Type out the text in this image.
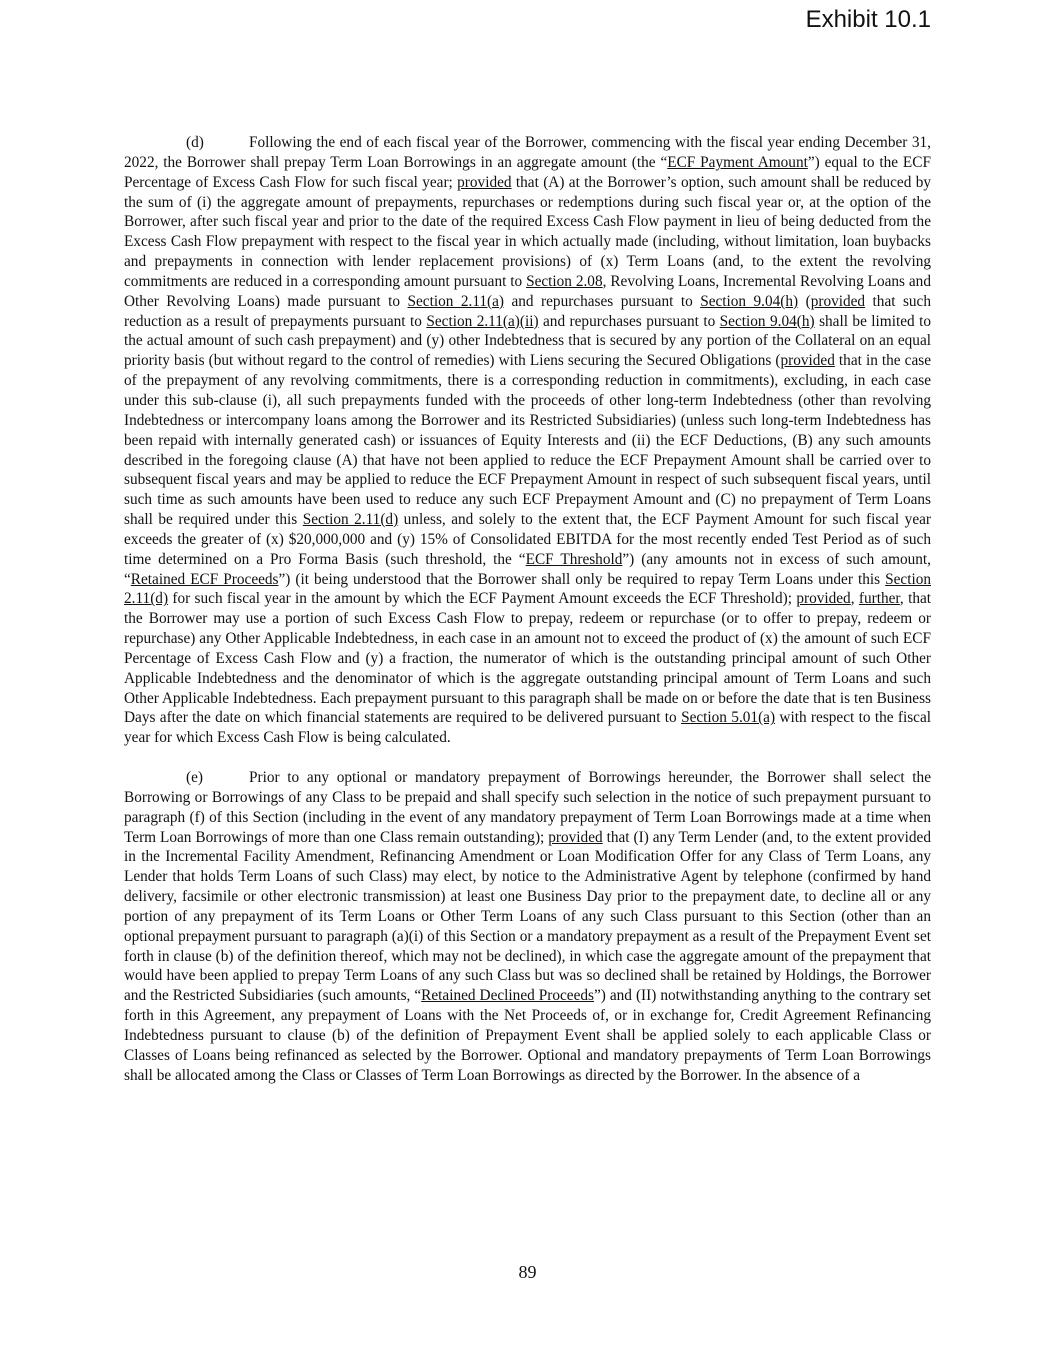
Exhibit 10.1

(d)	Following the end of each fiscal year of the Borrower, commencing with the fiscal year ending December 31, 2022, the Borrower shall prepay Term Loan Borrowings in an aggregate amount (the “ECF Payment Amount”) equal to the ECF Percentage of Excess Cash Flow for such fiscal year; provided that (A) at the Borrower’s option, such amount shall be reduced by the sum of (i) the aggregate amount of prepayments, repurchases or redemptions during such fiscal year or, at the option of the Borrower, after such fiscal year and prior to the date of the required Excess Cash Flow payment in lieu of being deducted from the Excess Cash Flow prepayment with respect to the fiscal year in which actually made (including, without limitation, loan buybacks and prepayments in connection with lender replacement provisions) of (x) Term Loans (and, to the extent the revolving commitments are reduced in a corresponding amount pursuant to Section 2.08, Revolving Loans, Incremental Revolving Loans and Other Revolving Loans) made pursuant to Section 2.11(a) and repurchases pursuant to Section 9.04(h) (provided that such reduction as a result of prepayments pursuant to Section 2.11(a)(ii) and repurchases pursuant to Section 9.04(h) shall be limited to the actual amount of such cash prepayment) and (y) other Indebtedness that is secured by any portion of the Collateral on an equal priority basis (but without regard to the control of remedies) with Liens securing the Secured Obligations (provided that in the case of the prepayment of any revolving commitments, there is a corresponding reduction in commitments), excluding, in each case under this sub-clause (i), all such prepayments funded with the proceeds of other long-term Indebtedness (other than revolving Indebtedness or intercompany loans among the Borrower and its Restricted Subsidiaries) (unless such long-term Indebtedness has been repaid with internally generated cash) or issuances of Equity Interests and (ii) the ECF Deductions, (B) any such amounts described in the foregoing clause (A) that have not been applied to reduce the ECF Prepayment Amount shall be carried over to subsequent fiscal years and may be applied to reduce the ECF Prepayment Amount in respect of such subsequent fiscal years, until such time as such amounts have been used to reduce any such ECF Prepayment Amount and (C) no prepayment of Term Loans shall be required under this Section 2.11(d) unless, and solely to the extent that, the ECF Payment Amount for such fiscal year exceeds the greater of (x) $20,000,000 and (y) 15% of Consolidated EBITDA for the most recently ended Test Period as of such time determined on a Pro Forma Basis (such threshold, the “ECF Threshold”) (any amounts not in excess of such amount, “Retained ECF Proceeds”) (it being understood that the Borrower shall only be required to repay Term Loans under this Section 2.11(d) for such fiscal year in the amount by which the ECF Payment Amount exceeds the ECF Threshold); provided, further, that the Borrower may use a portion of such Excess Cash Flow to prepay, redeem or repurchase (or to offer to prepay, redeem or repurchase) any Other Applicable Indebtedness, in each case in an amount not to exceed the product of (x) the amount of such ECF Percentage of Excess Cash Flow and (y) a fraction, the numerator of which is the outstanding principal amount of such Other Applicable Indebtedness and the denominator of which is the aggregate outstanding principal amount of Term Loans and such Other Applicable Indebtedness. Each prepayment pursuant to this paragraph shall be made on or before the date that is ten Business Days after the date on which financial statements are required to be delivered pursuant to Section 5.01(a) with respect to the fiscal year for which Excess Cash Flow is being calculated.

(e)	Prior to any optional or mandatory prepayment of Borrowings hereunder, the Borrower shall select the Borrowing or Borrowings of any Class to be prepaid and shall specify such selection in the notice of such prepayment pursuant to paragraph (f) of this Section (including in the event of any mandatory prepayment of Term Loan Borrowings made at a time when Term Loan Borrowings of more than one Class remain outstanding); provided that (I) any Term Lender (and, to the extent provided in the Incremental Facility Amendment, Refinancing Amendment or Loan Modification Offer for any Class of Term Loans, any Lender that holds Term Loans of such Class) may elect, by notice to the Administrative Agent by telephone (confirmed by hand delivery, facsimile or other electronic transmission) at least one Business Day prior to the prepayment date, to decline all or any portion of any prepayment of its Term Loans or Other Term Loans of any such Class pursuant to this Section (other than an optional prepayment pursuant to paragraph (a)(i) of this Section or a mandatory prepayment as a result of the Prepayment Event set forth in clause (b) of the definition thereof, which may not be declined), in which case the aggregate amount of the prepayment that would have been applied to prepay Term Loans of any such Class but was so declined shall be retained by Holdings, the Borrower and the Restricted Subsidiaries (such amounts, “Retained Declined Proceeds”) and (II) notwithstanding anything to the contrary set forth in this Agreement, any prepayment of Loans with the Net Proceeds of, or in exchange for, Credit Agreement Refinancing Indebtedness pursuant to clause (b) of the definition of Prepayment Event shall be applied solely to each applicable Class or Classes of Loans being refinanced as selected by the Borrower. Optional and mandatory prepayments of Term Loan Borrowings shall be allocated among the Class or Classes of Term Loan Borrowings as directed by the Borrower. In the absence of a

89
